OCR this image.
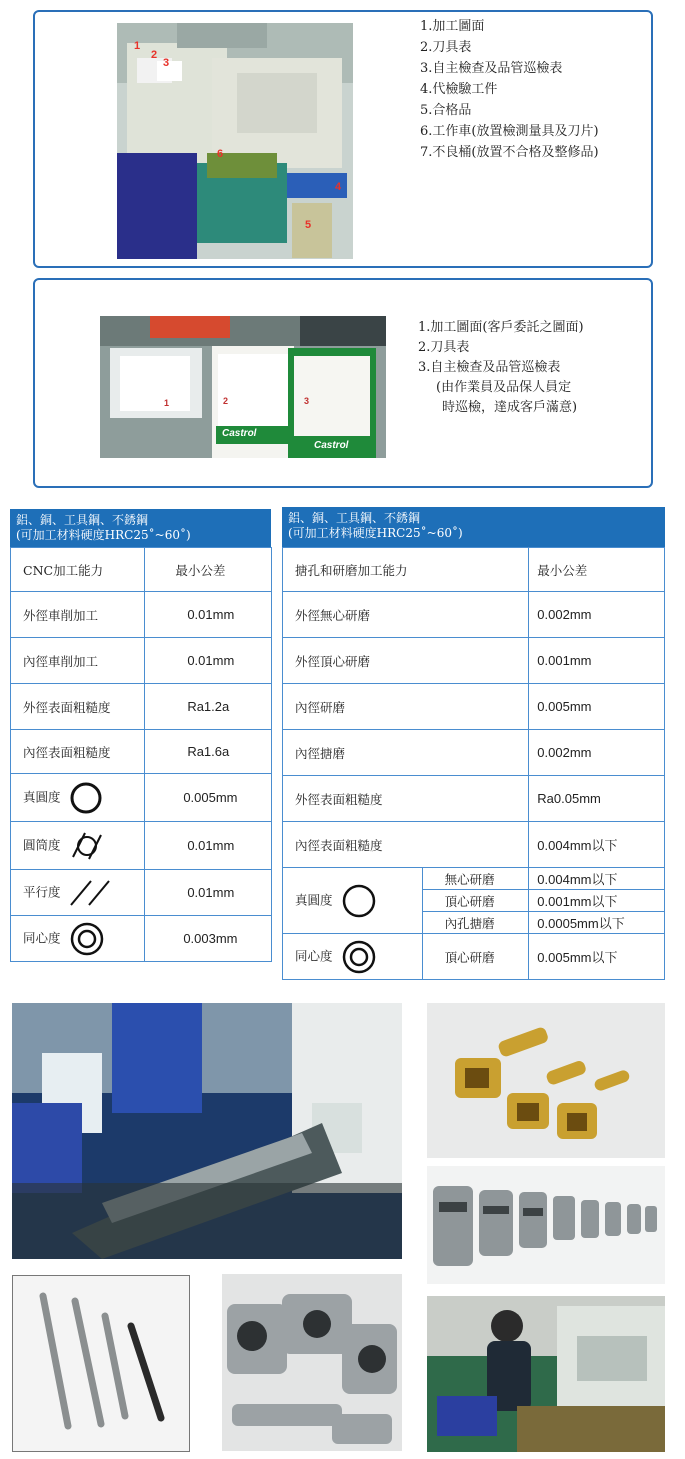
1
2
3
4
5
6
1.加工圖面
2.刀具表
3.自主檢查及品管巡檢表
4.代檢驗工件
5.合格品
6.工作車(放置檢測量具及刀片)
7.不良桶(放置不合格及整修品)
1	2	3
Castrol
Castrol
1.加工圖面(客戶委託之圖面)
2.刀具表
3.自主檢查及品管巡檢表
(由作業員及品保人員定
時巡檢，達成客戶滿意)
鋁、銅、工具鋼、不銹鋼
(可加工材料硬度HRC25˚~60˚)
CNC加工能力	最小公差
外徑車削加工	0.01mm
內徑車削加工	0.01mm
外徑表面粗糙度	Ra1.2a
內徑表面粗糙度	Ra1.6a
真圓度	0.005mm
圓筒度	0.01mm
平行度	0.01mm
同心度	0.003mm
鋁、銅、工具鋼、不銹鋼
(可加工材料硬度HRC25˚~60˚)
搪孔和研磨加工能力		最小公差
外徑無心研磨		0.002mm
外徑頂心研磨		0.001mm
內徑研磨		0.005mm
內徑搪磨		0.002mm
外徑表面粗糙度		Ra0.05mm
內徑表面粗糙度		0.004mm以下
真圓度	無心研磨	0.004mm以下
	頂心研磨	0.001mm以下
	內孔搪磨	0.0005mm以下
同心度	頂心研磨	0.005mm以下
